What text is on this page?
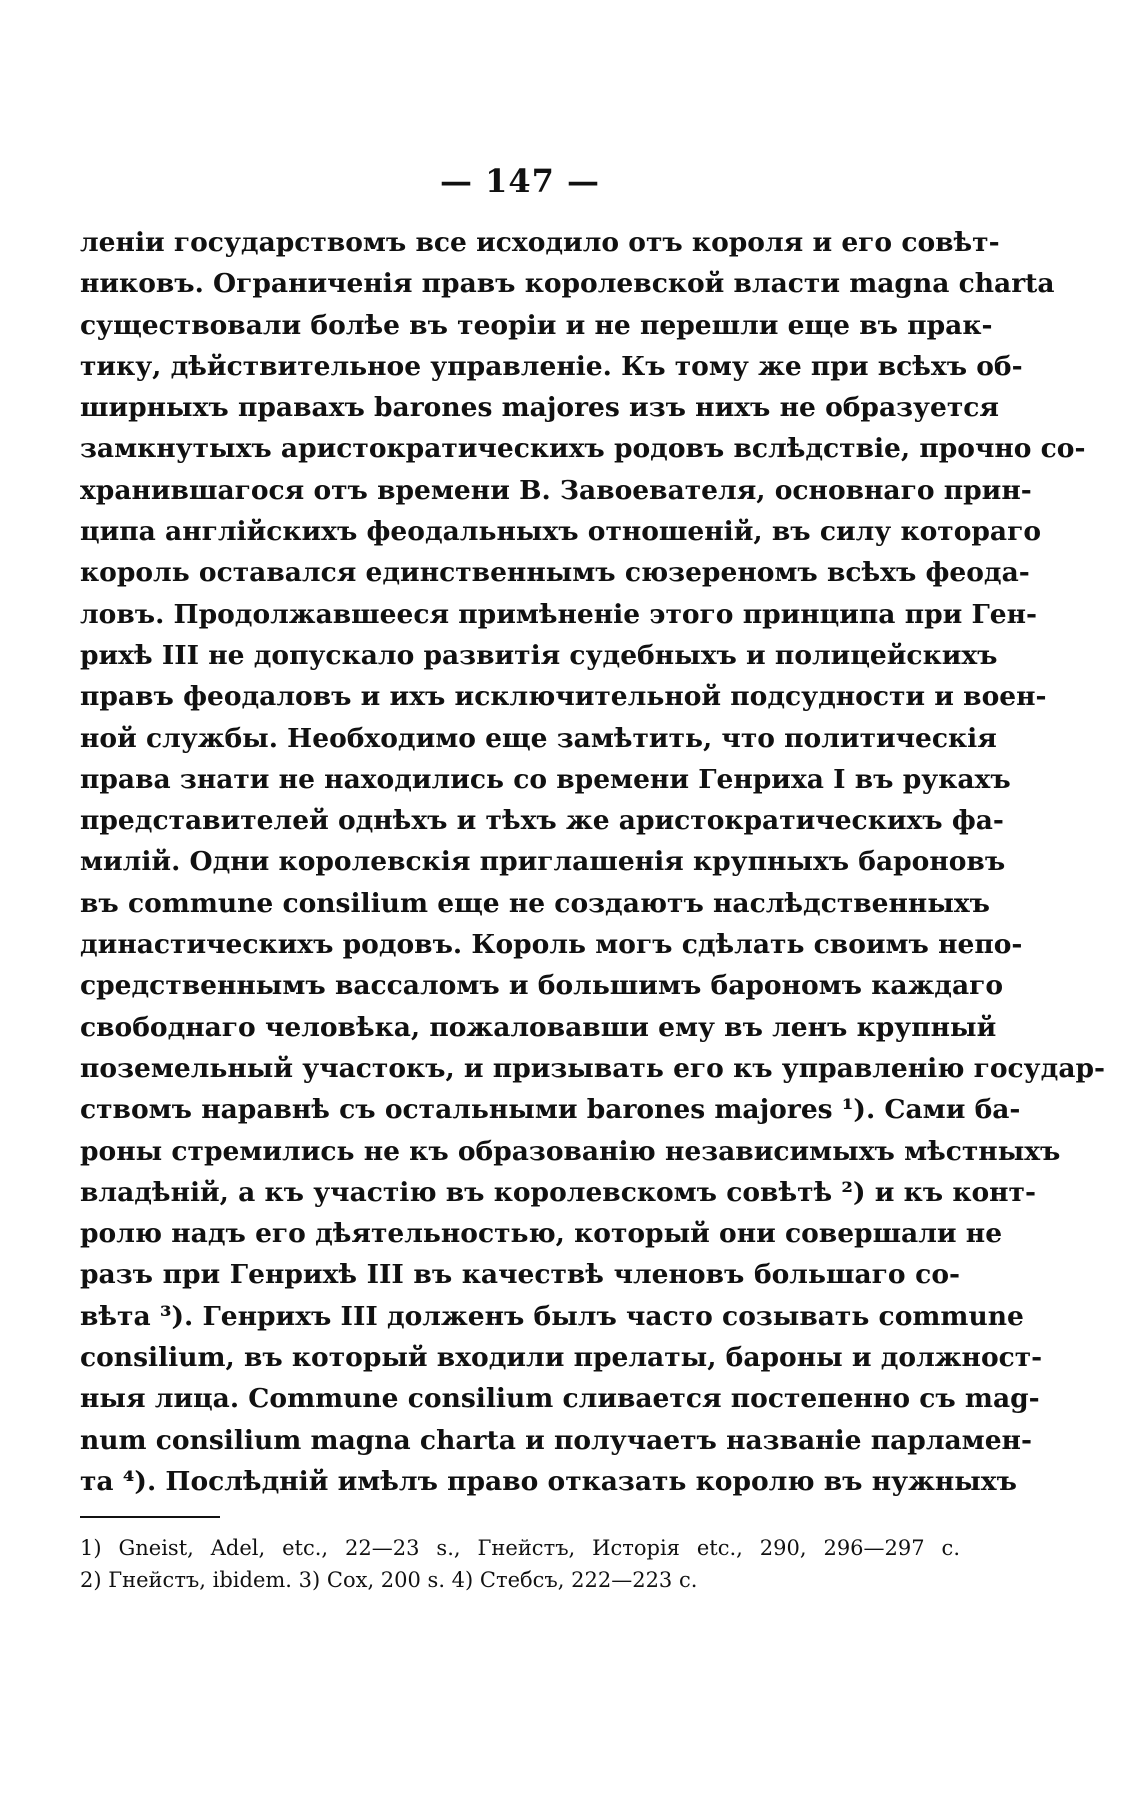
— 147 —
леніи государствомъ все исходило отъ короля и его совѣт-
никовъ. Ограниченія правъ королевской власти magna charta
существовали болѣе въ теоріи и не перешли еще въ прак-
тику, дѣйствительное управленіе. Къ тому же при всѣхъ об-
ширныхъ правахъ barones majores изъ нихъ не образуется
замкнутыхъ аристократическихъ родовъ вслѣдствіе, прочно со-
хранившагося отъ времени В. Завоевателя, основнаго прин-
ципа англійскихъ феодальныхъ отношеній, въ силу котораго
король оставался единственнымъ сюзереномъ всѣхъ феода-
ловъ. Продолжавшееся примѣненіе этого принципа при Ген-
рихѣ III не допускало развитія судебныхъ и полицейскихъ
правъ феодаловъ и ихъ исключительной подсудности и воен-
ной службы. Необходимо еще замѣтить, что политическія
права знати не находились со времени Генриха I въ рукахъ
представителей однѣхъ и тѣхъ же аристократическихъ фа-
милій. Одни королевскія приглашенія крупныхъ бароновъ
въ commune consilium еще не создаютъ наслѣдственныхъ
династическихъ родовъ. Король могъ сдѣлать своимъ непо-
средственнымъ вассаломъ и большимъ барономъ каждаго
свободнаго человѣка, пожаловавши ему въ ленъ крупный
поземельный участокъ, и призывать его къ управленію государ-
ствомъ наравнѣ съ остальными barones majores ¹). Сами ба-
роны стремились не къ образованію независимыхъ мѣстныхъ
владѣній, а къ участію въ королевскомъ совѣтѣ ²) и къ конт-
ролю надъ его дѣятельностью, который они совершали не
разъ при Генрихѣ III въ качествѣ членовъ большаго со-
вѣта ³). Генрихъ III долженъ былъ часто созывать commune
consilium, въ который входили прелаты, бароны и должност-
ныя лица. Commune consilium сливается постепенно съ mag-
num consilium magna charta и получаетъ названіе парламен-
та ⁴). Послѣдній имѣлъ право отказать королю въ нужныхъ
1) Gneist, Adel, etc., 22—23 s., Гнейстъ, Исторія etc., 290, 296—297 с.
2) Гнейстъ, ibidem. 3) Cox, 200 s. 4) Стебсъ, 222—223 с.
